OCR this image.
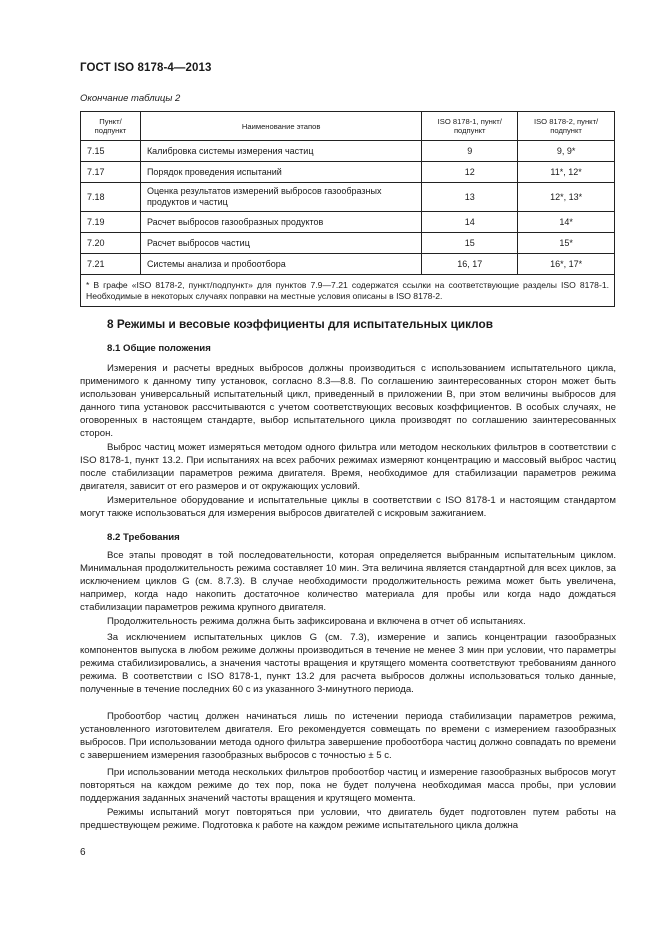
ГОСТ ISO 8178-4—2013
Окончание таблицы 2
Пункт/ подпункт	Наименование этапов	ISO 8178-1, пункт/подпункт	ISO 8178-2, пункт/подпункт
7.15	Калибровка системы измерения частиц	9	9, 9*
7.17	Порядок проведения испытаний	12	11*, 12*
7.18	Оценка результатов измерений выбросов газообразных продуктов и частиц	13	12*, 13*
7.19	Расчет выбросов газообразных продуктов	14	14*
7.20	Расчет выбросов частиц	15	15*
7.21	Системы анализа и пробоотбора	16, 17	16*, 17*
* В графе «ISO 8178-2, пункт/подпункт» для пунктов 7.9—7.21 содержатся ссылки на соответствующие разделы ISO 8178-1. Необходимые в некоторых случаях поправки на местные условия описаны в ISO 8178-2.			
8 Режимы и весовые коэффициенты для испытательных циклов
8.1 Общие положения
Измерения и расчеты вредных выбросов должны производиться с использованием испытательного цикла, применимого к данному типу установок, согласно 8.3—8.8. По соглашению заинтересованных сторон может быть использован универсальный испытательный цикл, приведенный в приложении В, при этом величины выбросов для данного типа установок рассчитываются с учетом соответствующих весовых коэффициентов. В особых случаях, не оговоренных в настоящем стандарте, выбор испытательного цикла производят по соглашению заинтересованных сторон.
Выброс частиц может измеряться методом одного фильтра или методом нескольких фильтров в соответствии с ISO 8178-1, пункт 13.2. При испытаниях на всех рабочих режимах измеряют концентрацию и массовый выброс частиц после стабилизации параметров режима двигателя. Время, необходимое для стабилизации параметров режима двигателя, зависит от его размеров и от окружающих условий.
Измерительное оборудование и испытательные циклы в соответствии с ISO 8178-1 и настоящим стандартом могут также использоваться для измерения выбросов двигателей с искровым зажиганием.
8.2 Требования
Все этапы проводят в той последовательности, которая определяется выбранным испытательным циклом. Минимальная продолжительность режима составляет 10 мин. Эта величина является стандартной для всех циклов, за исключением циклов G (см. 8.7.3). В случае необходимости продолжительность режима может быть увеличена, например, когда надо накопить достаточное количество материала для пробы или когда надо дождаться стабилизации параметров режима крупного двигателя.
Продолжительность режима должна быть зафиксирована и включена в отчет об испытаниях.
За исключением испытательных циклов G (см. 7.3), измерение и запись концентрации газообразных компонентов выпуска в любом режиме должны производиться в течение не менее 3 мин при условии, что параметры режима стабилизировались, а значения частоты вращения и крутящего момента соответствуют требованиям данного режима. В соответствии с ISO 8178-1, пункт 13.2 для расчета выбросов должны использоваться только данные, полученные в течение последних 60 с из указанного 3-минутного периода.
Пробоотбор частиц должен начинаться лишь по истечении периода стабилизации параметров режима, установленного изготовителем двигателя. Его рекомендуется совмещать по времени с измерением газообразных выбросов. При использовании метода одного фильтра завершение пробоотбора частиц должно совпадать по времени с завершением измерения газообразных выбросов с точностью ± 5 с.
При использовании метода нескольких фильтров пробоотбор частиц и измерение газообразных выбросов могут повторяться на каждом режиме до тех пор, пока не будет получена необходимая масса пробы, при условии поддержания заданных значений частоты вращения и крутящего момента.
Режимы испытаний могут повторяться при условии, что двигатель будет подготовлен путем работы на предшествующем режиме. Подготовка к работе на каждом режиме испытательного цикла должна
6
